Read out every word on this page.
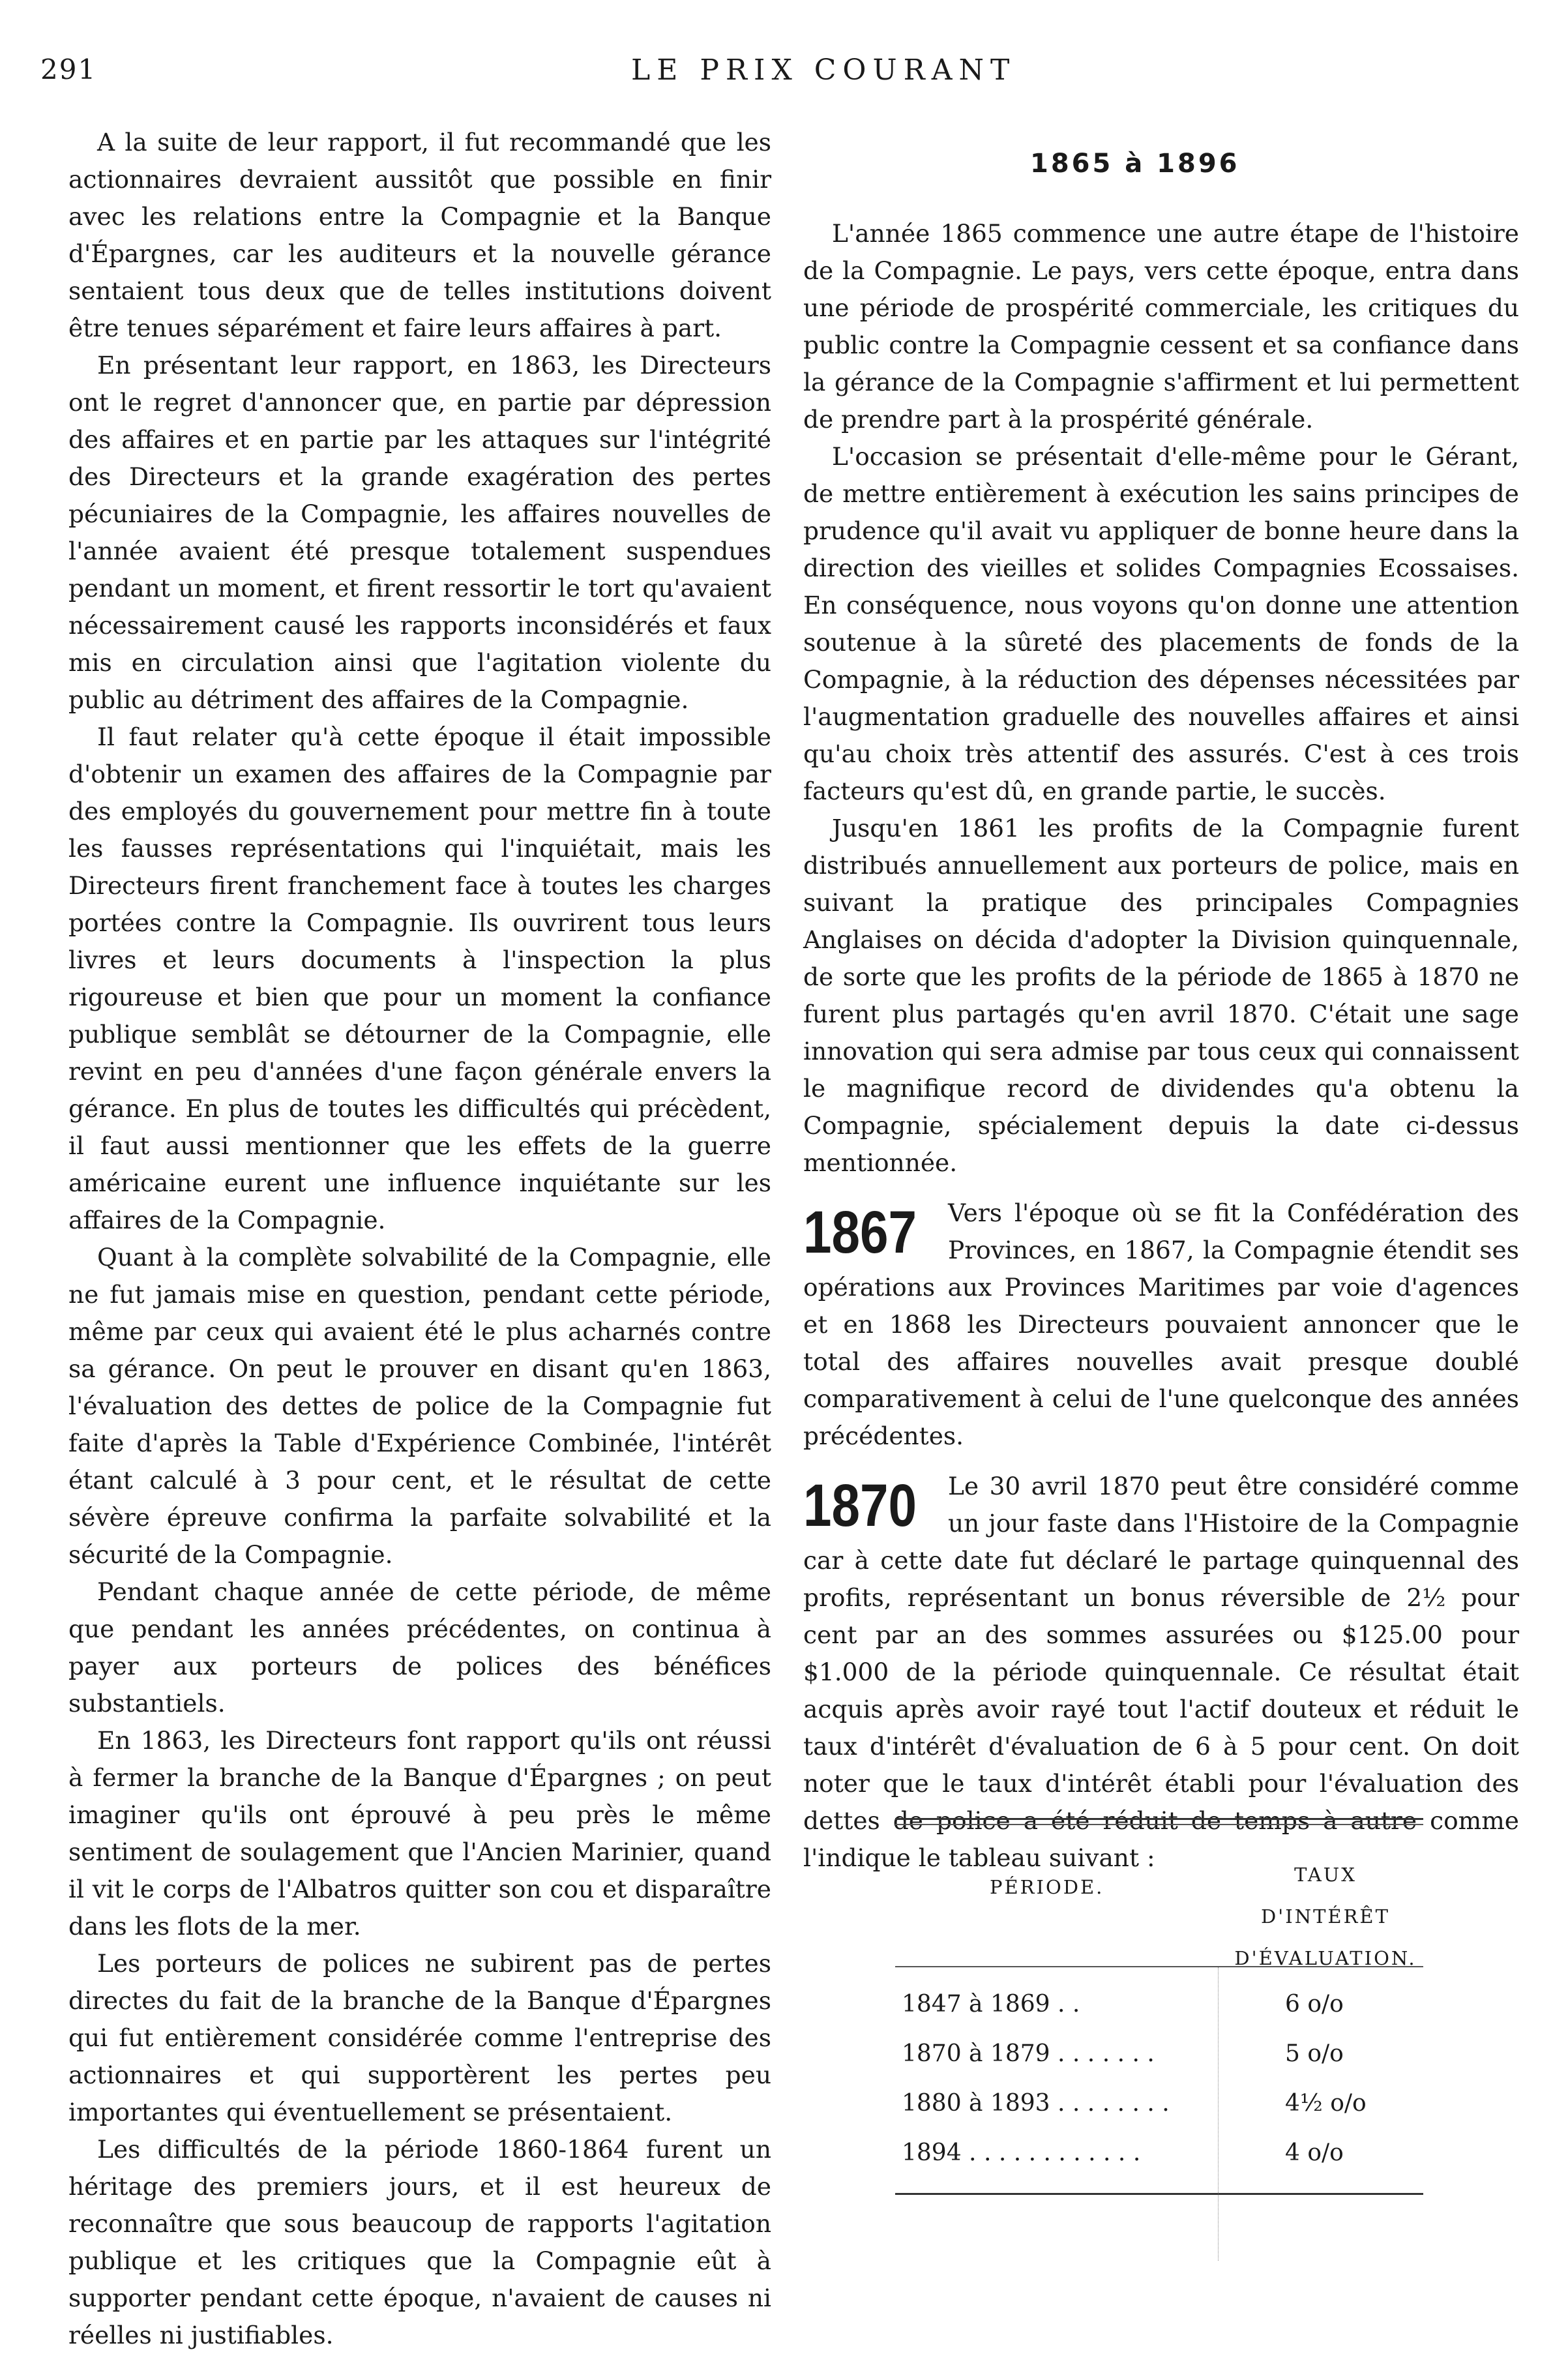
291	LE PRIX COURANT

A la suite de leur rapport, il fut recommandé que les actionnaires devraient aussitôt que possible en finir avec les relations entre la Compagnie et la Banque d'Épargnes, car les auditeurs et la nouvelle gérance sentaient tous deux que de telles institutions doivent être tenues séparément et faire leurs affaires à part.

En présentant leur rapport, en 1863, les Directeurs ont le regret d'annoncer que, en partie par dépression des affaires et en partie par les attaques sur l'intégrité des Directeurs et la grande exagération des pertes pécuniaires de la Compagnie, les affaires nouvelles de l'année avaient été presque totalement suspendues pendant un moment, et firent ressortir le tort qu'avaient nécessairement causé les rapports inconsidérés et faux mis en circulation ainsi que l'agitation violente du public au détriment des affaires de la Compagnie.

Il faut relater qu'à cette époque il était impossible d'obtenir un examen des affaires de la Compagnie par des employés du gouvernement pour mettre fin à toute les fausses représentations qui l'inquiétait, mais les Directeurs firent franchement face à toutes les charges portées contre la Compagnie. Ils ouvrirent tous leurs livres et leurs documents à l'inspection la plus rigoureuse et bien que pour un moment la confiance publique semblât se détourner de la Compagnie, elle revint en peu d'années d'une façon générale envers la gérance. En plus de toutes les difficultés qui précèdent, il faut aussi mentionner que les effets de la guerre américaine eurent une influence inquiétante sur les affaires de la Compagnie.

Quant à la complète solvabilité de la Compagnie, elle ne fut jamais mise en question, pendant cette période, même par ceux qui avaient été le plus acharnés contre sa gérance. On peut le prouver en disant qu'en 1863, l'évaluation des dettes de police de la Compagnie fut faite d'après la Table d'Expérience Combinée, l'intérêt étant calculé à 3 pour cent, et le résultat de cette sévère épreuve confirma la parfaite solvabilité et la sécurité de la Compagnie.

Pendant chaque année de cette période, de même que pendant les années précédentes, on continua à payer aux porteurs de polices des bénéfices substantiels.

En 1863, les Directeurs font rapport qu'ils ont réussi à fermer la branche de la Banque d'Épargnes ; on peut imaginer qu'ils ont éprouvé à peu près le même sentiment de soulagement que l'Ancien Marinier, quand il vit le corps de l'Albatros quitter son cou et disparaître dans les flots de la mer.

Les porteurs de polices ne subirent pas de pertes directes du fait de la branche de la Banque d'Épargnes qui fut entièrement considérée comme l'entreprise des actionnaires et qui supportèrent les pertes peu importantes qui éventuellement se présentaient.

Les difficultés de la période 1860-1864 furent un héritage des premiers jours, et il est heureux de reconnaître que sous beaucoup de rapports l'agitation publique et les critiques que la Compagnie eût à supporter pendant cette époque, n'avaient de causes ni réelles ni justifiables.

1865 à 1896

L'année 1865 commence une autre étape de l'histoire de la Compagnie. Le pays, vers cette époque, entra dans une période de prospérité commerciale, les critiques du public contre la Compagnie cessent et sa confiance dans la gérance de la Compagnie s'affirment et lui permettent de prendre part à la prospérité générale.

L'occasion se présentait d'elle-même pour le Gérant, de mettre entièrement à exécution les sains principes de prudence qu'il avait vu appliquer de bonne heure dans la direction des vieilles et solides Compagnies Ecossaises. En conséquence, nous voyons qu'on donne une attention soutenue à la sûreté des placements de fonds de la Compagnie, à la réduction des dépenses nécessitées par l'augmentation graduelle des nouvelles affaires et ainsi qu'au choix très attentif des assurés. C'est à ces trois facteurs qu'est dû, en grande partie, le succès.

Jusqu'en 1861 les profits de la Compagnie furent distribués annuellement aux porteurs de police, mais en suivant la pratique des principales Compagnies Anglaises on décida d'adopter la Division quinquennale, de sorte que les profits de la période de 1865 à 1870 ne furent plus partagés qu'en avril 1870. C'était une sage innovation qui sera admise par tous ceux qui connaissent le magnifique record de dividendes qu'a obtenu la Compagnie, spécialement depuis la date ci-dessus mentionnée.

1867	Vers l'époque où se fit la Confédération des Provinces, en 1867, la Compagnie étendit ses opérations aux Provinces Maritimes par voie d'agences et en 1868 les Directeurs pouvaient annoncer que le total des affaires nouvelles avait presque doublé comparativement à celui de l'une quelconque des années précédentes.

1870	Le 30 avril 1870 peut être considéré comme un jour faste dans l'Histoire de la Compagnie car à cette date fut déclaré le partage quinquennal des profits, représentant un bonus réversible de 2½ pour cent par an des sommes assurées ou $125.00 pour $1.000 de la période quinquennale. Ce résultat était acquis après avoir rayé tout l'actif douteux et réduit le taux d'intérêt d'évaluation de 6 à 5 pour cent. On doit noter que le taux d'intérêt établi pour l'évaluation des dettes de police a été réduit de temps à autre comme l'indique le tableau suivant :

PÉRIODE.
TAUX D'INTÉRÊT
D'ÉVALUATION.
1847 à 1869 . .	6 o/o
1870 à 1879 . . . . . . .	5 o/o
1880 à 1893 . . . . . . . .	4½ o/o
1894 . . . . . . . . . . . .	4 o/o
